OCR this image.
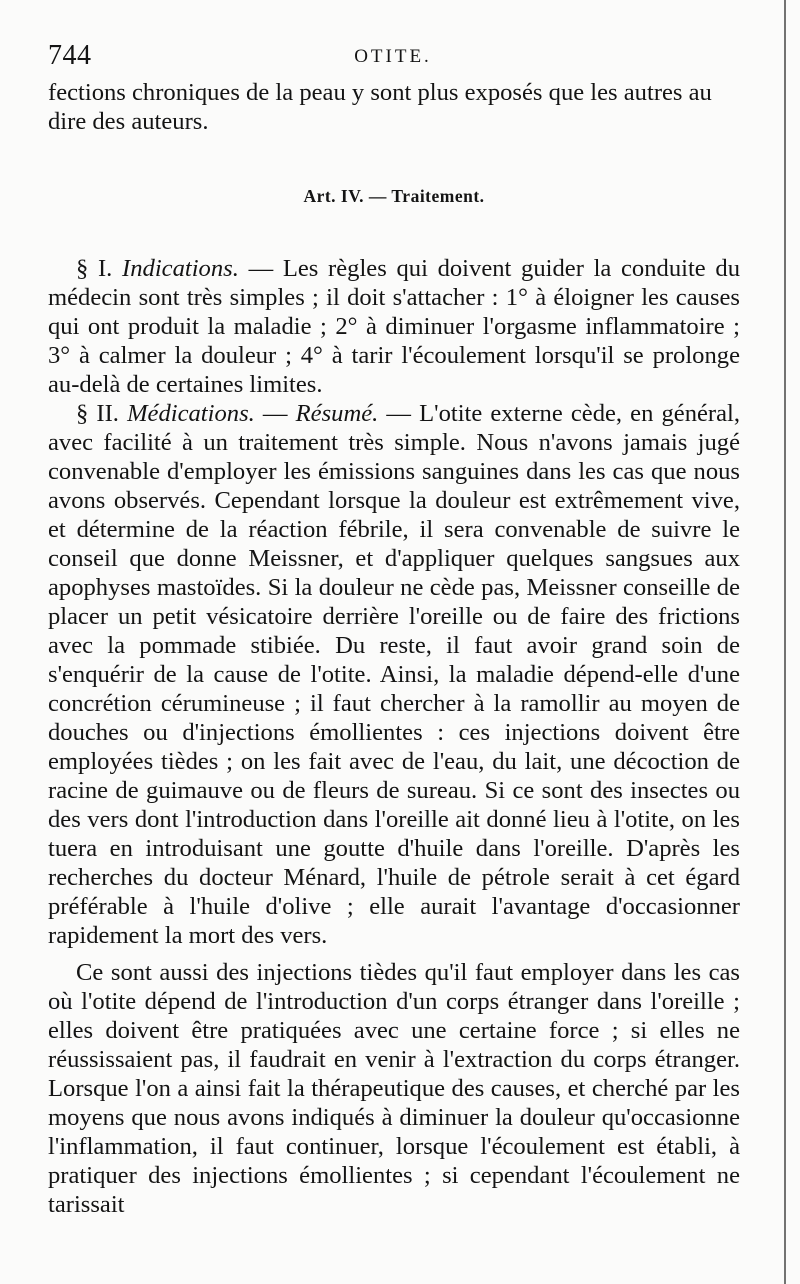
744	OTITE.

fections chroniques de la peau y sont plus exposés que les autres au dire des auteurs.

Art. IV. — Traitement.

§ I. Indications. — Les règles qui doivent guider la conduite du médecin sont très simples ; il doit s'attacher : 1° à éloigner les causes qui ont produit la maladie ; 2° à diminuer l'orgasme inflammatoire ; 3° à calmer la douleur ; 4° à tarir l'écoulement lorsqu'il se prolonge au-delà de certaines limites.

§ II. Médications. — Résumé. — L'otite externe cède, en général, avec facilité à un traitement très simple. Nous n'avons jamais jugé convenable d'employer les émissions sanguines dans les cas que nous avons observés. Cependant lorsque la douleur est extrêmement vive, et détermine de la réaction fébrile, il sera convenable de suivre le conseil que donne Meissner, et d'appliquer quelques sangsues aux apophyses mastoïdes. Si la douleur ne cède pas, Meissner conseille de placer un petit vésicatoire derrière l'oreille ou de faire des frictions avec la pommade stibiée. Du reste, il faut avoir grand soin de s'enquérir de la cause de l'otite. Ainsi, la maladie dépend-elle d'une concrétion cérumineuse ; il faut chercher à la ramollir au moyen de douches ou d'injections émollientes : ces injections doivent être employées tièdes ; on les fait avec de l'eau, du lait, une décoction de racine de guimauve ou de fleurs de sureau. Si ce sont des insectes ou des vers dont l'introduction dans l'oreille ait donné lieu à l'otite, on les tuera en introduisant une goutte d'huile dans l'oreille. D'après les recherches du docteur Ménard, l'huile de pétrole serait à cet égard préférable à l'huile d'olive ; elle aurait l'avantage d'occasionner rapidement la mort des vers.

Ce sont aussi des injections tièdes qu'il faut employer dans les cas où l'otite dépend de l'introduction d'un corps étranger dans l'oreille ; elles doivent être pratiquées avec une certaine force ; si elles ne réussissaient pas, il faudrait en venir à l'extraction du corps étranger. Lorsque l'on a ainsi fait la thérapeutique des causes, et cherché par les moyens que nous avons indiqués à diminuer la douleur qu'occasionne l'inflammation, il faut continuer, lorsque l'écoulement est établi, à pratiquer des injections émollientes ; si cependant l'écoulement ne tarissait
